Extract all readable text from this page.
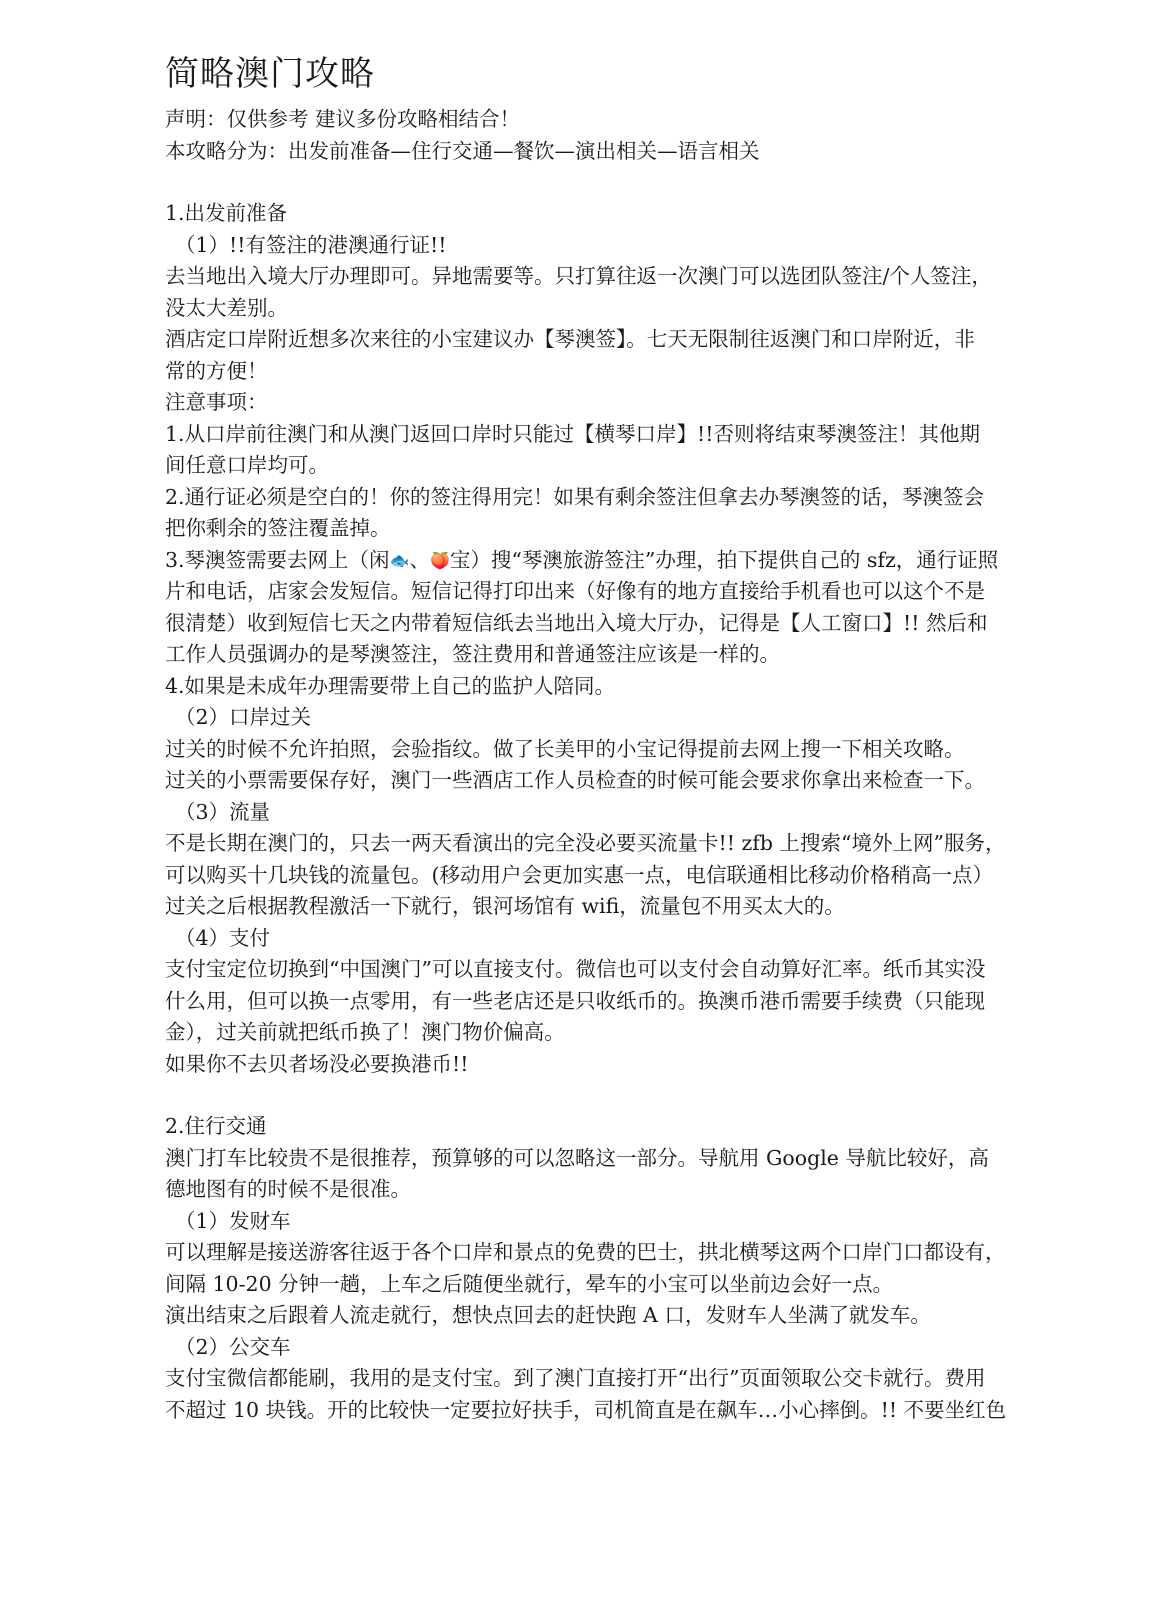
简略澳门攻略

声明：仅供参考 建议多份攻略相结合！

本攻略分为：出发前准备—住行交通—餐饮—演出相关—语言相关

1.出发前准备

（1）!!有签注的港澳通行证!!

去当地出入境大厅办理即可。异地需要等。只打算往返一次澳门可以选团队签注/个人签注，

没太大差别。

酒店定口岸附近想多次来往的小宝建议办【琴澳签】。七天无限制往返澳门和口岸附近，非

常的方便！

注意事项：

1.从口岸前往澳门和从澳门返回口岸时只能过【横琴口岸】!!否则将结束琴澳签注！其他期

间任意口岸均可。

2.通行证必须是空白的！你的签注得用完！如果有剩余签注但拿去办琴澳签的话，琴澳签会

把你剩余的签注覆盖掉。

3.琴澳签需要去网上（闲🐟、🍑宝）搜“琴澳旅游签注”办理，拍下提供自己的 sfz，通行证照

片和电话，店家会发短信。短信记得打印出来（好像有的地方直接给手机看也可以这个不是

很清楚）收到短信七天之内带着短信纸去当地出入境大厅办，记得是【人工窗口】!! 然后和

工作人员强调办的是琴澳签注，签注费用和普通签注应该是一样的。

4.如果是未成年办理需要带上自己的监护人陪同。

（2）口岸过关

过关的时候不允许拍照，会验指纹。做了长美甲的小宝记得提前去网上搜一下相关攻略。

过关的小票需要保存好，澳门一些酒店工作人员检查的时候可能会要求你拿出来检查一下。

（3）流量

不是长期在澳门的，只去一两天看演出的完全没必要买流量卡!! zfb 上搜索“境外上网”服务，

可以购买十几块钱的流量包。(移动用户会更加实惠一点，电信联通相比移动价格稍高一点）

过关之后根据教程激活一下就行，银河场馆有 wifi，流量包不用买太大的。

（4）支付

支付宝定位切换到“中国澳门”可以直接支付。微信也可以支付会自动算好汇率。纸币其实没

什么用，但可以换一点零用，有一些老店还是只收纸币的。换澳币港币需要手续费（只能现

金），过关前就把纸币换了！澳门物价偏高。

如果你不去贝者场没必要换港币!!

2.住行交通

澳门打车比较贵不是很推荐，预算够的可以忽略这一部分。导航用 Google 导航比较好，高

德地图有的时候不是很准。

（1）发财车

可以理解是接送游客往返于各个口岸和景点的免费的巴士，拱北横琴这两个口岸门口都设有，

间隔 10-20 分钟一趟，上车之后随便坐就行，晕车的小宝可以坐前边会好一点。

演出结束之后跟着人流走就行，想快点回去的赶快跑 A 口，发财车人坐满了就发车。

（2）公交车

支付宝微信都能刷，我用的是支付宝。到了澳门直接打开“出行”页面领取公交卡就行。费用

不超过 10 块钱。开的比较快一定要拉好扶手，司机简直是在飙车…小心摔倒。!! 不要坐红色
